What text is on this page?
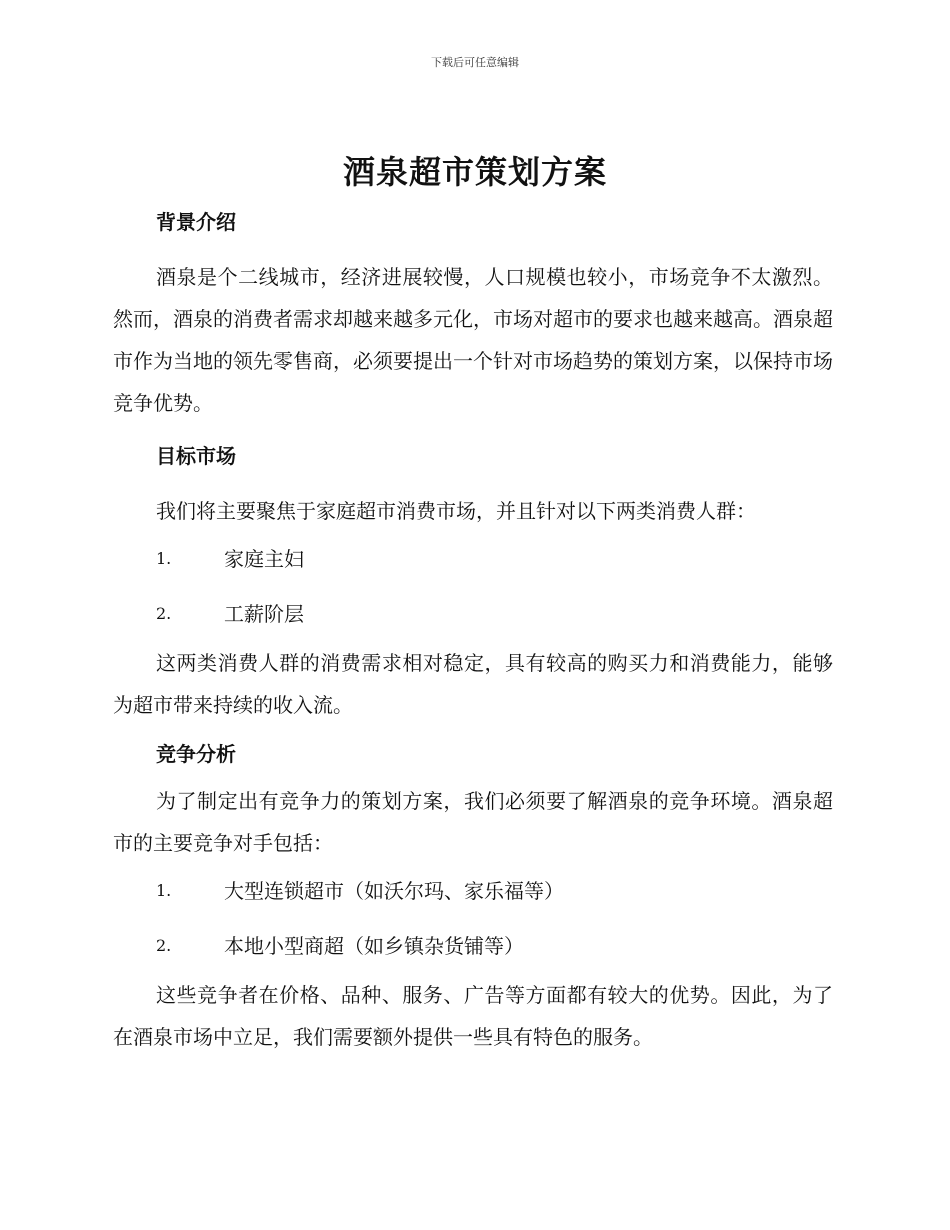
下载后可任意编辑
酒泉超市策划方案
背景介绍

酒泉是个二线城市，经济进展较慢，人口规模也较小，市场竞争不太激烈。然而，酒泉的消费者需求却越来越多元化，市场对超市的要求也越来越高。酒泉超市作为当地的领先零售商，必须要提出一个针对市场趋势的策划方案，以保持市场竞争优势。

目标市场

我们将主要聚焦于家庭超市消费市场，并且针对以下两类消费人群：

1.	家庭主妇
2.	工薪阶层

这两类消费人群的消费需求相对稳定，具有较高的购买力和消费能力，能够为超市带来持续的收入流。

竞争分析

为了制定出有竞争力的策划方案，我们必须要了解酒泉的竞争环境。酒泉超市的主要竞争对手包括：

1.	大型连锁超市（如沃尔玛、家乐福等）
2.	本地小型商超（如乡镇杂货铺等）

这些竞争者在价格、品种、服务、广告等方面都有较大的优势。因此，为了在酒泉市场中立足，我们需要额外提供一些具有特色的服务。
